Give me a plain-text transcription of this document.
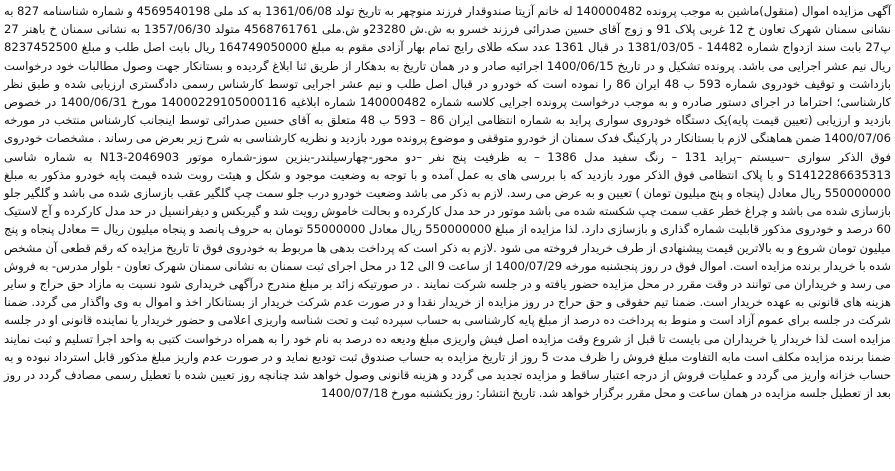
آگهی مزایده اموال (منقول)ماشین به موجب پرونده 140000482 له خانم آزیتا صندوقدار فرزند منوچهر به تاریخ تولد 1361/06/08 به کد ملی 4569540198 و شماره شناسنامه 827 به نشانی سمنان شهرک تعاون خ 12 غربی پلاک 91 و زوج آقای حسین صدرائی فرزند خسرو به ش.ش 23280و ش.ملی 4568761761 متولد 1357/06/30 به نشانی سمنان خ باهنر 27 پ27 بابت سند ازدواج شماره 14482 - 1381/03/05 در قبال 1361 عدد سکه طلای رایج تمام بهار آزادی مقوم به مبلغ 164749050000 ریال بابت اصل طلب و مبلغ 8237452500 ریال نیم عشر اجرایی می باشد. پرونده تشکیل و در تاریخ 1400/06/15 اجرائیه صادر و در همان تاریخ به بدهکار از طریق ثنا ابلاغ گردیده و بستانکار جهت وصول مطالبات خود درخواست بازداشت و توقیف خودروی شماره 593 ب 48 ایران 86 را نموده است که خودرو در قبال اصل طلب و نیم عشر اجرایی توسط کارشناس رسمی دادگستری ارزیابی شده و طبق نظر کارشناسی؛ احتراما در اجرای دستور صادره و به موجب درخواست پرونده اجرایی کلاسه شماره 140000482 شماره ابلاغیه 14000229105000116 مورخ 1400/06/31 در خصوص بازدید و ارزیابی (تعیین قیمت پایه)یک دستگاه خودروی سواری پراید به شماره انتظامی ایران 86 – 593 ب 48 متعلق به آقای حسین صدرائی توسط اینجانب کارشناس منتخب در مورخه 1400/07/06 ضمن هماهنگی لازم با بستانکار در پارکینگ فدک سمنان از خودرو متوقفی و موضوع پرونده مورد بازدید و نظریه کارشناسی به شرح زیر بعرض می رساند . مشخصات خودروی فوق الذکر سواری –سیستم –پراید 131 – رنگ سفید مدل 1386 – به ظرفیت پنج نفر –دو محور-چهارسیلندر-بنزین سوز-شماره موتور N13-2046903 به شماره شاسی S1412286635313 و با پلاک انتظامی فوق الذکر مورد بازدید که با بررسی های به عمل آمده و با توجه به وضعیت موجود و شکل و هیئت روبت شده قیمت پایه خودرو مذکور به مبلغ 550000000 ریال معادل (پنجاه و پنج میلیون تومان ) تعیین و به عرض می رسد. لازم به ذکر می باشد وضعیت خودرو درب جلو سمت چپ گلگیر عقب بازسازی شده می باشد و گلگیر جلو بازسازی شده می باشد و چراغ خطر عقب سمت چپ شکسته شده می باشد موتور در حد مدل کارکرده و بحالت خاموش رویت شد و گیربکس و دیفرانسیل در حد مدل کارکرده و آج لاستیک 60 درصد و خودروی مذکور قابلیت شماره گذاری و بازسازی دارد. لذا مزایده از مبلغ 550000000 ریال معادل 55000000 تومان به حروف پانصد و پنجاه میلیون ریال = معادل پنجاه و پنج میلیون تومان شروع و به بالاترین قیمت پیشنهادی از طرف خریدار فروخته می شود .لازم به ذکر است که پرداخت بدهی ها مربوط به خودروی فوق تا تاریخ مزایده که رقم قطعی آن مشخص شده با خریدار برنده مزایده است. اموال فوق در روز پنجشنبه مورخه 1400/07/29 از ساعت 9 الی 12 در محل اجرای ثبت سمنان به نشانی سمنان شهرک تعاون - بلوار مدرس- به فروش می رسد و خریداران می توانند در وقت مقرر در محل مزایده حضور یافته و در جلسه شرکت نمایند . در صورتیکه زائد بر مبلغ مندرج درآگهی خریداری شود نسبت به مازاد حق حراج و سایر هزینه های قانونی به عهده خریدار است. ضمنا تیم حقوقی و حق حراج در روز مزایده از خریدار نقدا و در صورت عدم شرکت خریدار از بستانکار اخذ و اموال به وی واگذار می گردد. ضمنا شرکت در جلسه برای عموم آزاد است و منوط به پرداخت ده درصد از مبلغ پایه کارشناسی به حساب سپرده ثبت و تحت شناسه واریزی اعلامی و حضور خریدار یا نماینده قانونی او در جلسه مزایده است لذا خریدار یا خریداران می بایست تا قبل از شروع وقت مزایده اصل فیش واریزی مبلغ ودیعه ده درصد به نام خود را به همراه درخواست کتبی به واحد اجرا تسلیم و ثبت نمایند ضمنا برنده مزایده مکلف است مابه التفاوت مبلغ فروش را ظرف مدت 5 روز از تاریخ مزایده به حساب صندوق ثبت تودیع نماید و در صورت عدم واریز مبلغ مذکور قابل استرداد نبوده و به حساب خزانه واریز می گردد و عملیات فروش از درجه اعتبار ساقط و مزایده تجدید می گردد و هزینه قانونی وصول خواهد شد چنانچه روز تعیین شده با تعطیل رسمی مصادف گردد در روز بعد از تعطیل جلسه مزایده در همان ساعت و محل مقرر برگزار خواهد شد. تاریخ انتشار: روز یکشنبه مورخ 1400/07/18
